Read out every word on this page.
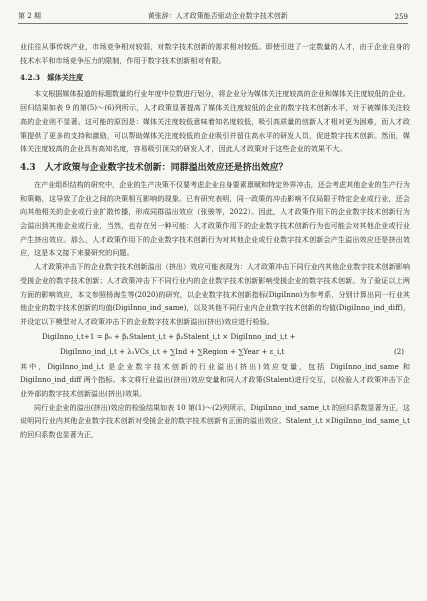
第 2 期	黄张辞：人才政策能否驱动企业数字技术创新	259

业往往从事传统产业，市场竞争相对较弱，对数字技术创新的需求相对较低。即使引进了一定数量的人才，由于企业自身的技术水平和市场竞争压力的限制，作用于数字技术创新相对有限。

4.2.3　媒体关注度

本文根据媒体报道的标题数量的行业年度中位数进行划分，将企业分为媒体关注度较高的企业和媒体关注度较低的企业。回归结果如表 9 的第(5)～(6)列所示，人才政策显著提高了媒体关注度较低的企业的数字技术创新水平，对于被媒体关注较高的企业则不显著。这可能的原因是：媒体关注度较低意味着知名度较低，吸引高质量的创新人才相对更为困难，而人才政策提供了更多的支持和激励，可以帮助媒体关注度较低的企业吸引并留住高水平的研发人员，促进数字技术创新。然而，媒体关注度较高的企业具有高知名度，容易吸引顶尖的研发人才，因此人才政策对于这些企业的效果不大。

4.3　人才政策与企业数字技术创新：同群溢出效应还是挤出效应？

在产业组织结构的研究中，企业的生产决策不仅要考虑企业自身要素禀赋和特定外界冲击，还会考虑其他企业的生产行为和策略，这导致了企业之间的决策相互影响的现象。已有研究表明，同一政策的冲击影响不仅局限于特定企业或行业，还会向其他相关的企业或行业扩散传播，形成同群溢出效应（张骏等，2022）。因此，人才政策作用下的企业数字技术创新行为会溢出到其他企业或行业，当然，也存在另一种可能：人才政策作用下的企业数字技术创新行为也可能会对其他企业或行业产生挤出效应。那么，人才政策作用下的企业数字技术创新行为对其他企业或行业数字技术创新会产生溢出效应还是挤出效应，这是本文接下来要研究的问题。

人才政策冲击下的企业数字技术创新溢出（挤出）效应可能表现为：人才政策冲击下同行业内其他企业数字技术创新影响受援企业的数字技术创新；人才政策冲击下不同行业内的企业数字技术创新影响受援企业的数字技术创新。为了验证以上两方面的影响效应，本文参照杨海生等(2020)的研究，以企业数字技术创新指标(DigiInno)为参考系，分别计算出同一行业其他企业的数字技术创新的均值(DigiInno_ind_same)，以及其他不同行业内企业数字技术创新的均值(DigiInno_ind_diff)，并设定以下模型对人才政策冲击下的企业数字技术创新溢出(挤出)效应进行检验。

DigiInno_i,t+1 = β₀ + β₁Stalent_i,t + β₂Stalent_i,t × DigiInno_ind_i,t +
DigiInno_ind_i,t + λ₁VCs_i,t + ∑Ind + ∑Region + ∑Year + ε_i,t	(2)

其中，DigiInno_ind_i,t 是企业数字技术创新的行业溢出(挤出)效应变量，包括 DigiInno_ind_same 和 DigiInno_ind_diff 两个指标。本文将行业溢出(挤出)效应变量和同人才政策(Stalent)进行交互，以检验人才政策冲击下企业外部的数字技术创新溢出(挤出)效果。

同行业企业的溢出(挤出)效应的检验结果如表 10 第(1)～(2)列所示，DigiInno_ind_same_i,t 的回归系数显著为正，这说明同行业内其他企业数字技术创新对受援企业的数字技术创新有正面的溢出效应。Stalent_i,t ×DigiInno_ind_same_i,t 的回归系数也显著为正，
